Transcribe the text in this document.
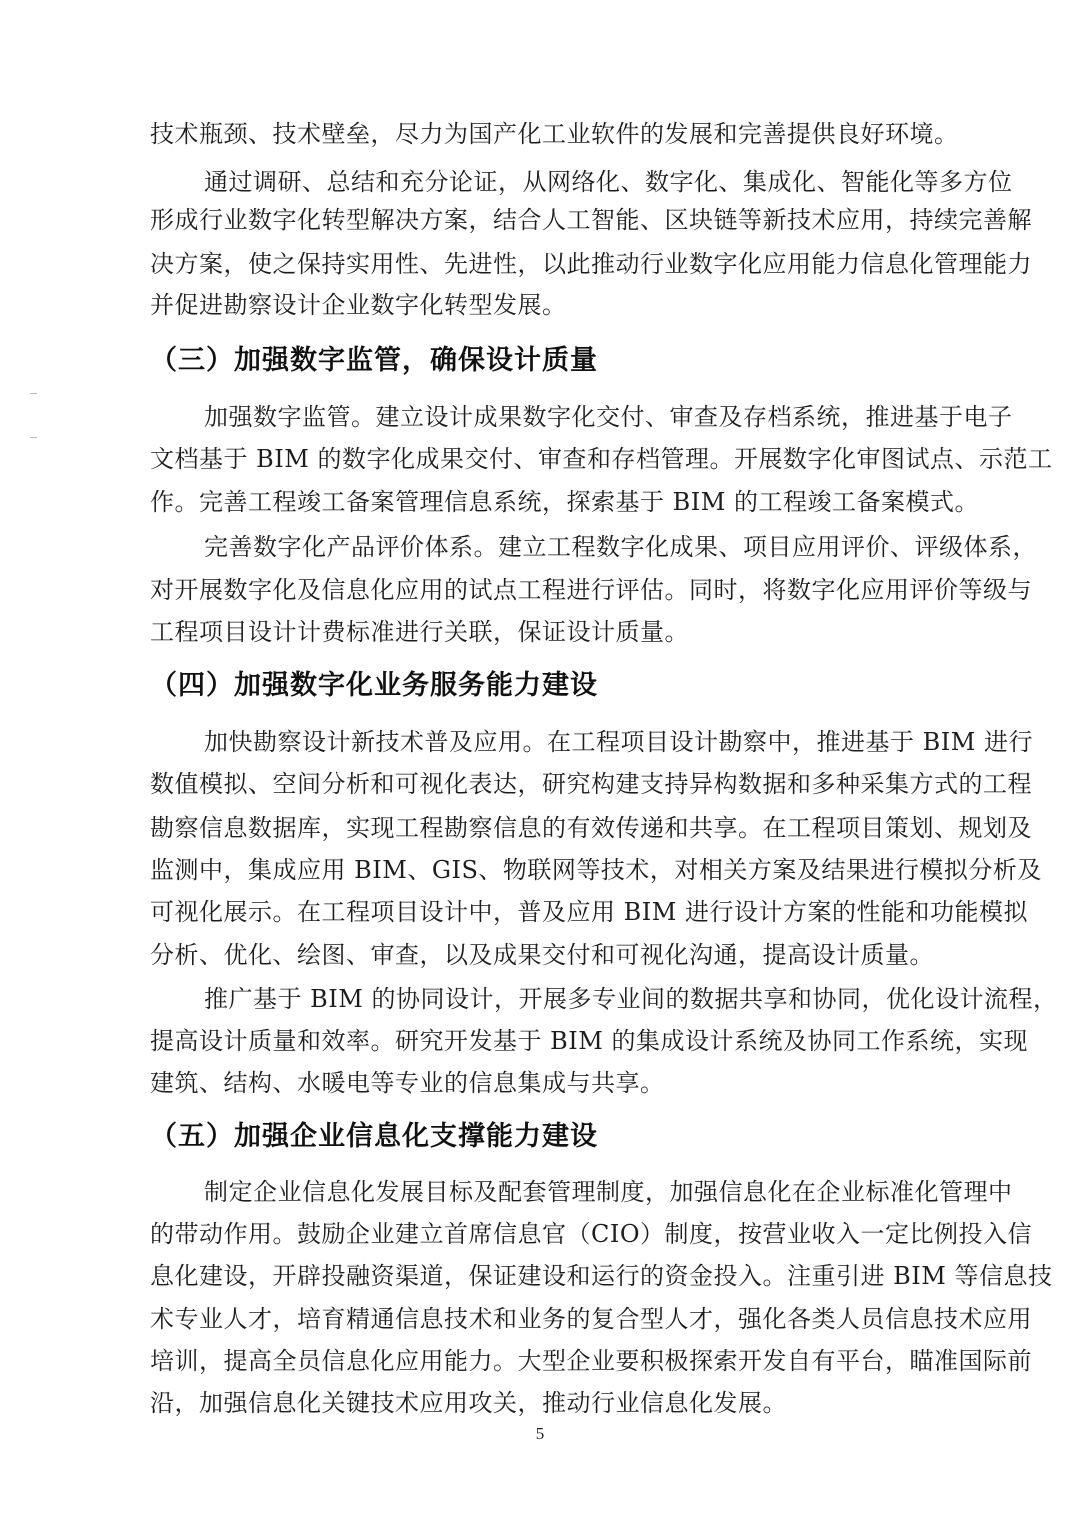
技术瓶颈、技术壁垒，尽力为国产化工业软件的发展和完善提供良好环境。
通过调研、总结和充分论证，从网络化、数字化、集成化、智能化等多方位
形成行业数字化转型解决方案，结合人工智能、区块链等新技术应用，持续完善解
决方案，使之保持实用性、先进性，以此推动行业数字化应用能力信息化管理能力
并促进勘察设计企业数字化转型发展。
（三）加强数字监管，确保设计质量
加强数字监管。建立设计成果数字化交付、审查及存档系统，推进基于电子
文档基于 BIM 的数字化成果交付、审查和存档管理。开展数字化审图试点、示范工
作。完善工程竣工备案管理信息系统，探索基于 BIM 的工程竣工备案模式。
完善数字化产品评价体系。建立工程数字化成果、项目应用评价、评级体系，
对开展数字化及信息化应用的试点工程进行评估。同时，将数字化应用评价等级与
工程项目设计计费标准进行关联，保证设计质量。
（四）加强数字化业务服务能力建设
加快勘察设计新技术普及应用。在工程项目设计勘察中，推进基于 BIM 进行
数值模拟、空间分析和可视化表达，研究构建支持异构数据和多种采集方式的工程
勘察信息数据库，实现工程勘察信息的有效传递和共享。在工程项目策划、规划及
监测中，集成应用 BIM、GIS、物联网等技术，对相关方案及结果进行模拟分析及
可视化展示。在工程项目设计中，普及应用 BIM 进行设计方案的性能和功能模拟
分析、优化、绘图、审查，以及成果交付和可视化沟通，提高设计质量。
推广基于 BIM 的协同设计，开展多专业间的数据共享和协同，优化设计流程，
提高设计质量和效率。研究开发基于 BIM 的集成设计系统及协同工作系统，实现
建筑、结构、水暖电等专业的信息集成与共享。
（五）加强企业信息化支撑能力建设
制定企业信息化发展目标及配套管理制度，加强信息化在企业标准化管理中
的带动作用。鼓励企业建立首席信息官（CIO）制度，按营业收入一定比例投入信
息化建设，开辟投融资渠道，保证建设和运行的资金投入。注重引进 BIM 等信息技
术专业人才，培育精通信息技术和业务的复合型人才，强化各类人员信息技术应用
培训，提高全员信息化应用能力。大型企业要积极探索开发自有平台，瞄准国际前
沿，加强信息化关键技术应用攻关，推动行业信息化发展。
5
